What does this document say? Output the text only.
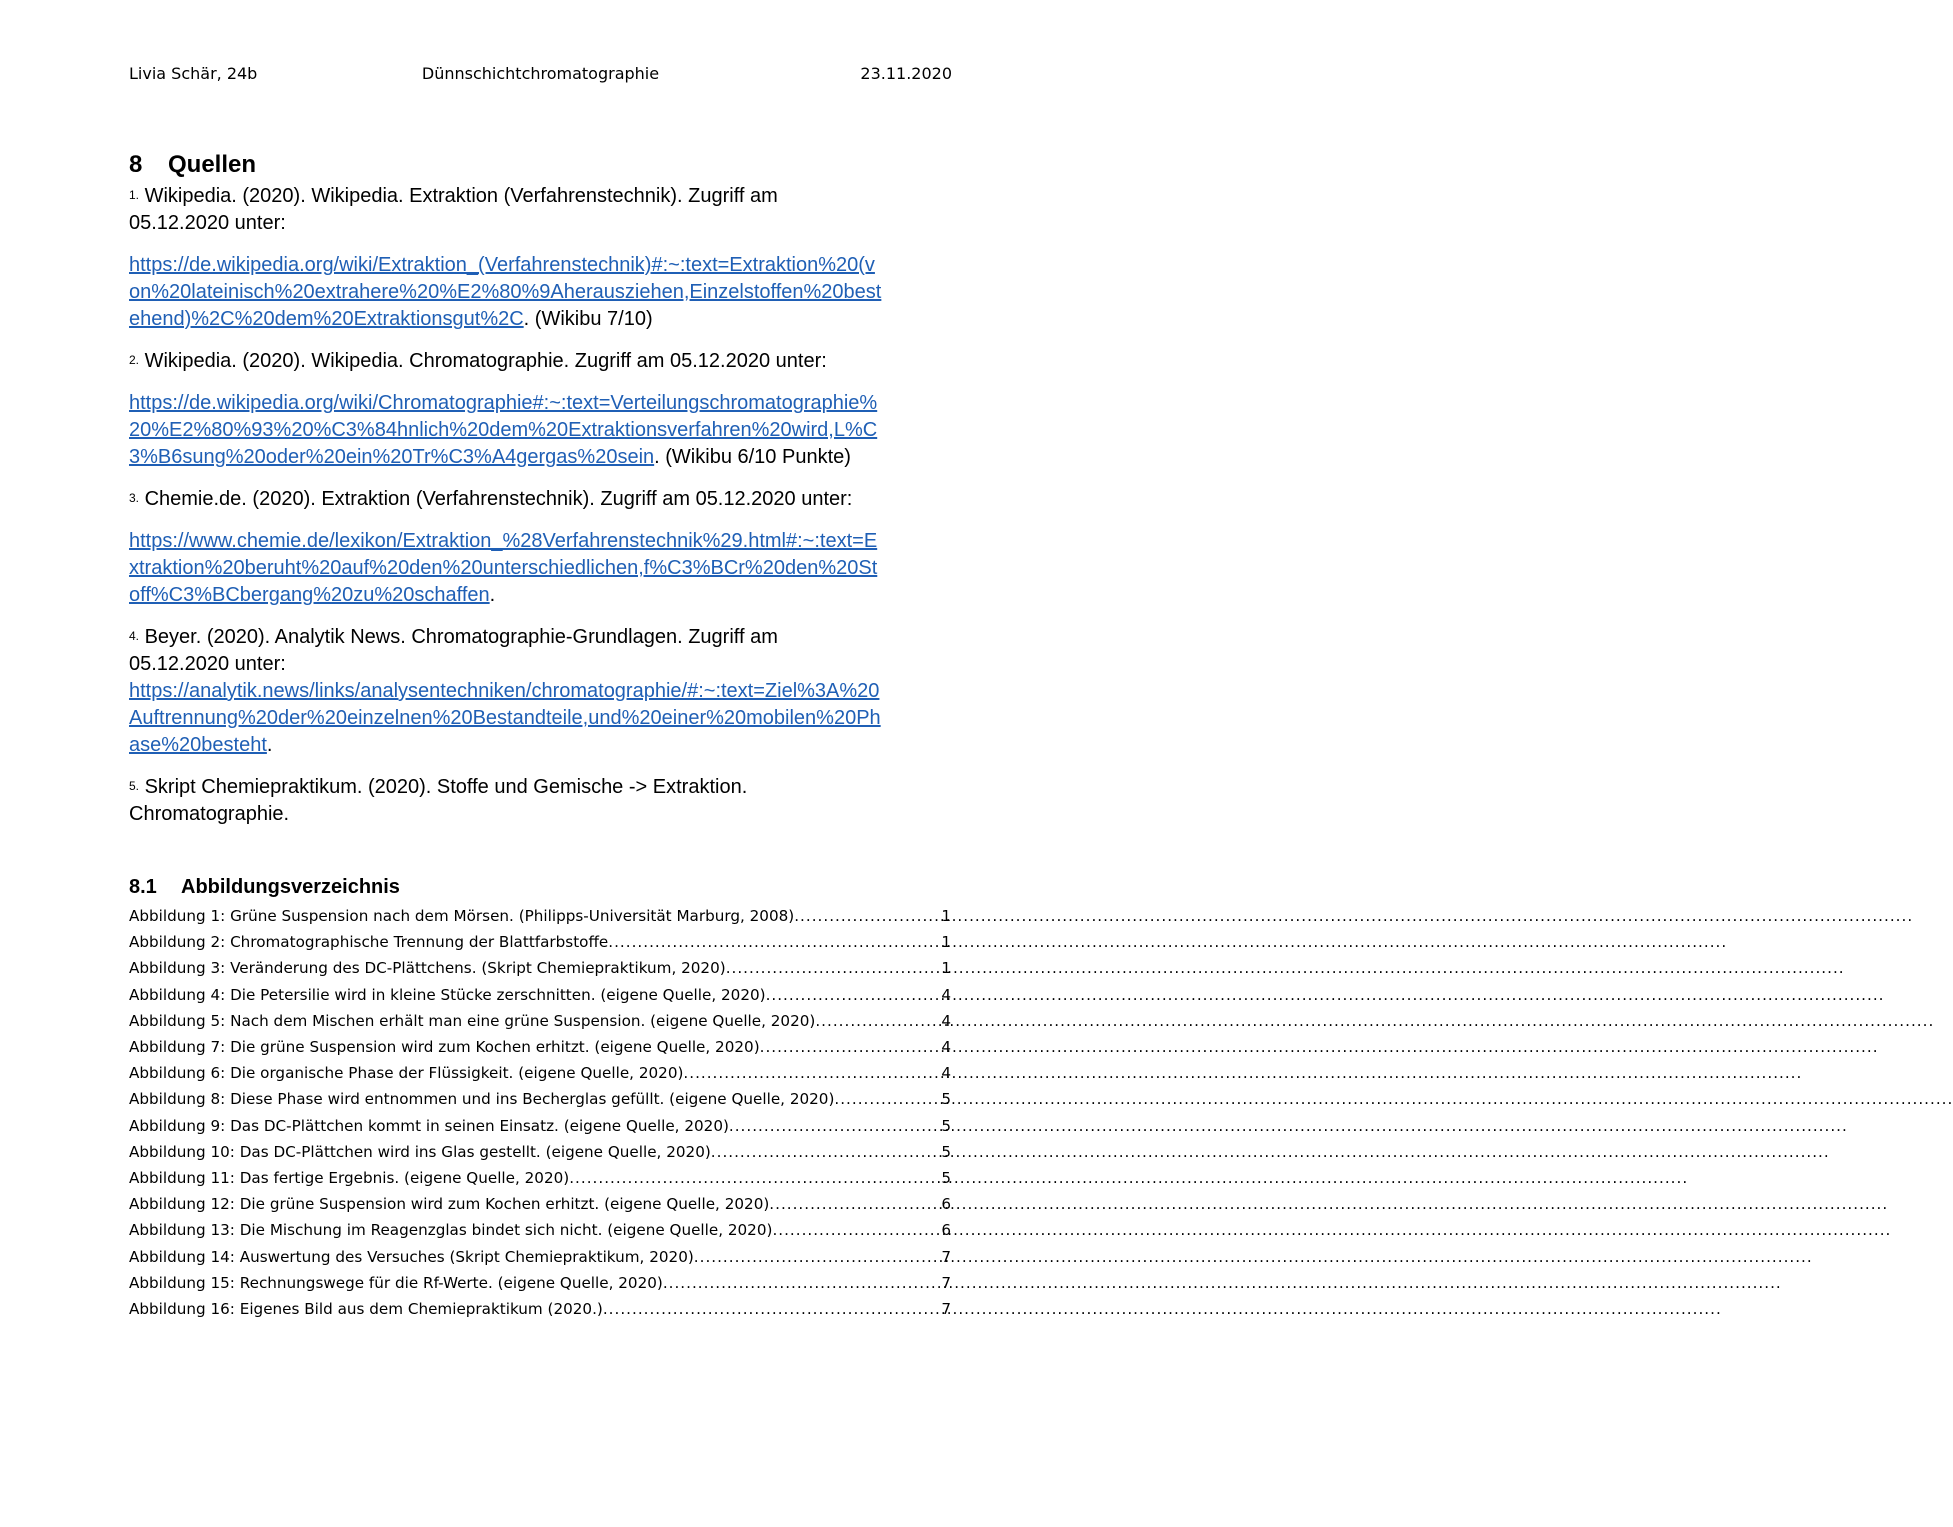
Livia Schär, 24b	Dünnschichtchromatographie	23.11.2020
8 Quellen
$^{1.}$ Wikipedia. (2020). Wikipedia. Extraktion (Verfahrenstechnik). Zugriff am
05.12.2020 unter:
https://de.wikipedia.org/wiki/Extraktion_(Verfahrenstechnik)#:~:text=Extraktion%20(v
on%20lateinisch%20extrahere%20%E2%80%9Aherausziehen,Einzelstoffen%20best
ehend)%2C%20dem%20Extraktionsgut%2C. (Wikibu 7/10)
$^{2.}$ Wikipedia. (2020). Wikipedia. Chromatographie. Zugriff am 05.12.2020 unter:
https://de.wikipedia.org/wiki/Chromatographie#:~:text=Verteilungschromatographie%
20%E2%80%93%20%C3%84hnlich%20dem%20Extraktionsverfahren%20wird,L%C
3%B6sung%20oder%20ein%20Tr%C3%A4gergas%20sein. (Wikibu 6/10 Punkte)
$^{3.}$ Chemie.de. (2020). Extraktion (Verfahrenstechnik). Zugriff am 05.12.2020 unter:
https://www.chemie.de/lexikon/Extraktion_%28Verfahrenstechnik%29.html#:~:text=E
xtraktion%20beruht%20auf%20den%20unterschiedlichen,f%C3%BCr%20den%20St
off%C3%BCbergang%20zu%20schaffen.
$^{4.}$ Beyer. (2020). Analytik News. Chromatographie-Grundlagen. Zugriff am
05.12.2020 unter:
https://analytik.news/links/analysentechniken/chromatographie/#:~:text=Ziel%3A%20
Auftrennung%20der%20einzelnen%20Bestandteile,und%20einer%20mobilen%20Ph
ase%20besteht.
$^{5.}$ Skript Chemiepraktikum. (2020). Stoffe und Gemische -> Extraktion.
Chromatographie.
8.1 Abbildungsverzeichnis
Abbildung 1: Grüne Suspension nach dem Mörsen. (Philipps-Universität Marburg, 2008) .....	1
Abbildung 2: Chromatographische Trennung der Blattfarbstoffe .....	1
Abbildung 3: Veränderung des DC-Plättchens. (Skript Chemiepraktikum, 2020) .....	1
Abbildung 4: Die Petersilie wird in kleine Stücke zerschnitten. (eigene Quelle, 2020) .....	4
Abbildung 5: Nach dem Mischen erhält man eine grüne Suspension. (eigene Quelle, 2020) .....	4
Abbildung 7: Die grüne Suspension wird zum Kochen erhitzt. (eigene Quelle, 2020) .....	4
Abbildung 6: Die organische Phase der Flüssigkeit. (eigene Quelle, 2020) .....	4
Abbildung 8: Diese Phase wird entnommen und ins Becherglas gefüllt. (eigene Quelle, 2020) .....	5
Abbildung 9: Das DC-Plättchen kommt in seinen Einsatz. (eigene Quelle, 2020) .....	5
Abbildung 10: Das DC-Plättchen wird ins Glas gestellt. (eigene Quelle, 2020) .....	5
Abbildung 11: Das fertige Ergebnis. (eigene Quelle, 2020) .....	5
Abbildung 12: Die grüne Suspension wird zum Kochen erhitzt. (eigene Quelle, 2020) .....	6
Abbildung 13: Die Mischung im Reagenzglas bindet sich nicht. (eigene Quelle, 2020) .....	6
Abbildung 14: Auswertung des Versuches (Skript Chemiepraktikum, 2020) .....	7
Abbildung 15: Rechnungswege für die Rf-Werte. (eigene Quelle, 2020) .....	7
Abbildung 16: Eigenes Bild aus dem Chemiepraktikum (2020.) .....	7
